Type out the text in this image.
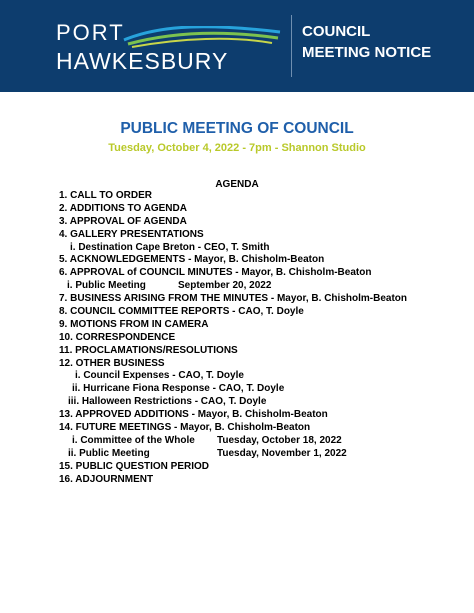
PORT
HAWKESBURY
COUNCIL
MEETING NOTICE
PUBLIC MEETING OF COUNCIL
Tuesday, October 4, 2022 - 7pm - Shannon Studio
AGENDA
1. CALL TO ORDER
2. ADDITIONS TO AGENDA
3. APPROVAL OF AGENDA
4. GALLERY PRESENTATIONS
i. Destination Cape Breton - CEO, T. Smith
5. ACKNOWLEDGEMENTS - Mayor, B. Chisholm-Beaton
6. APPROVAL of COUNCIL MINUTES - Mayor, B. Chisholm-Beaton
i. Public Meeting	September 20, 2022
7. BUSINESS ARISING FROM THE MINUTES - Mayor, B. Chisholm-Beaton
8. COUNCIL COMMITTEE REPORTS - CAO, T. Doyle
9. MOTIONS FROM IN CAMERA
10. CORRESPONDENCE
11. PROCLAMATIONS/RESOLUTIONS
12. OTHER BUSINESS
i. Council Expenses - CAO, T. Doyle
ii. Hurricane Fiona Response - CAO, T. Doyle
iii. Halloween Restrictions - CAO, T. Doyle
13. APPROVED ADDITIONS - Mayor, B. Chisholm-Beaton
14. FUTURE MEETINGS - Mayor, B. Chisholm-Beaton
i. Committee of the Whole Tuesday, October 18, 2022
ii. Public Meeting	Tuesday, November 1, 2022
15. PUBLIC QUESTION PERIOD
16. ADJOURNMENT
